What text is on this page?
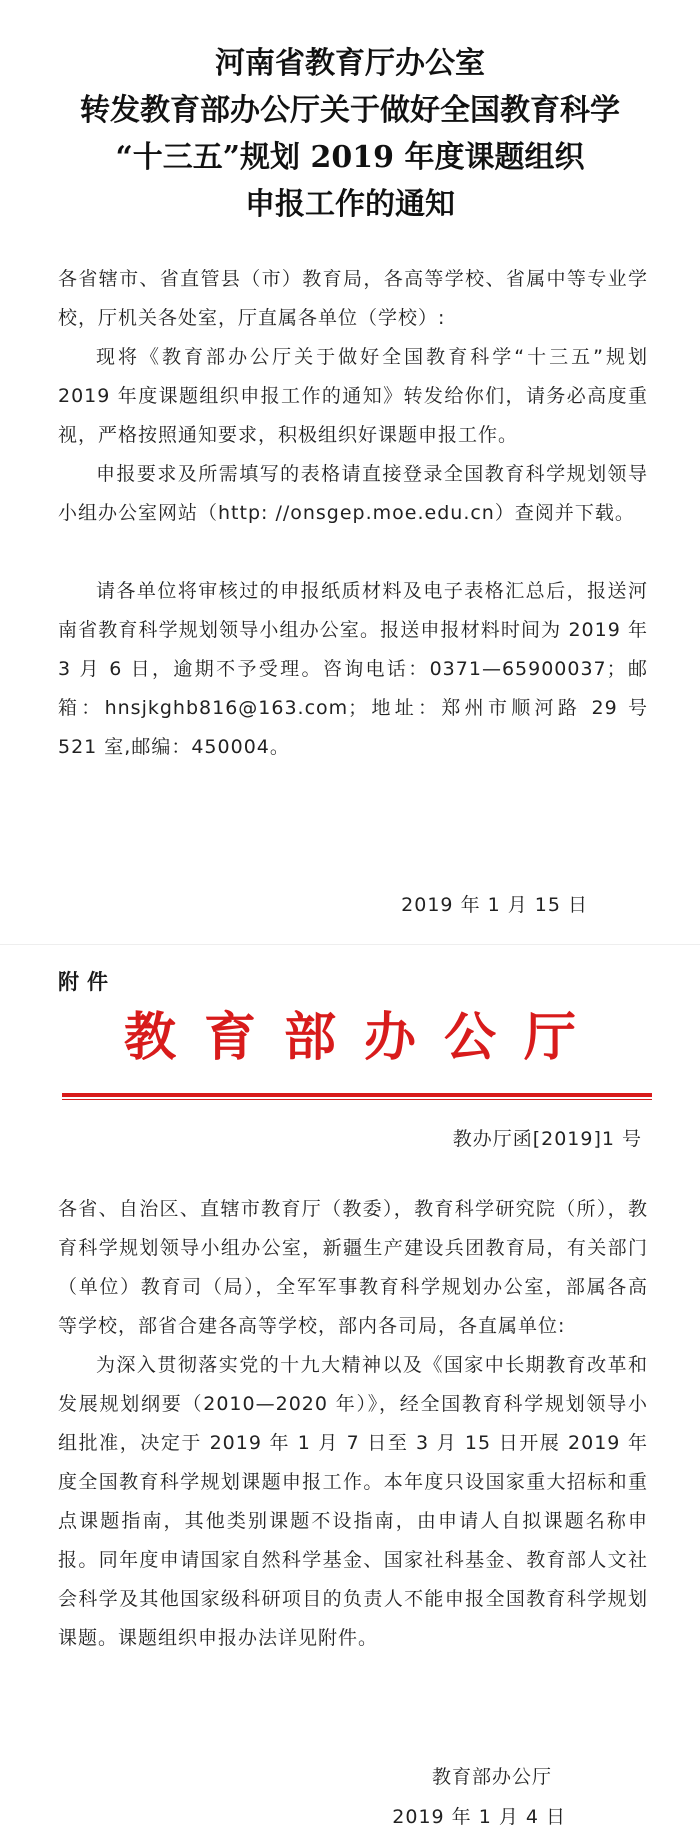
河南省教育厅办公室
转发教育部办公厅关于做好全国教育科学
“十三五”规划 2019 年度课题组织
申报工作的通知
各省辖市、省直管县（市）教育局，各高等学校、省属中等专业学校，厅机关各处室，厅直属各单位（学校）:
现将《教育部办公厅关于做好全国教育科学“十三五”规划 2019 年度课题组织申报工作的通知》转发给你们，请务必高度重视，严格按照通知要求，积极组织好课题申报工作。
申报要求及所需填写的表格请直接登录全国教育科学规划领导小组办公室网站（http: //onsgep.moe.edu.cn）查阅并下载。
请各单位将审核过的申报纸质材料及电子表格汇总后，报送河南省教育科学规划领导小组办公室。报送申报材料时间为 2019 年 3 月 6 日，逾期不予受理。咨询电话：0371—65900037；邮箱：hnsjkghb816@163.com；地址：郑州市顺河路 29 号 521 室,邮编：450004。
2019 年 1 月 15 日
附件
教育部办公厅
教办厅函[2019]1 号
各省、自治区、直辖市教育厅（教委），教育科学研究院（所），教育科学规划领导小组办公室，新疆生产建设兵团教育局，有关部门（单位）教育司（局），全军军事教育科学规划办公室，部属各高等学校，部省合建各高等学校，部内各司局，各直属单位:
为深入贯彻落实党的十九大精神以及《国家中长期教育改革和发展规划纲要（2010—2020 年）》，经全国教育科学规划领导小组批准，决定于 2019 年 1 月 7 日至 3 月 15 日开展 2019 年度全国教育科学规划课题申报工作。本年度只设国家重大招标和重点课题指南，其他类别课题不设指南，由申请人自拟课题名称申报。同年度申请国家自然科学基金、国家社科基金、教育部人文社会科学及其他国家级科研项目的负责人不能申报全国教育科学规划课题。课题组织申报办法详见附件。
教育部办公厅
2019 年 1 月 4 日
